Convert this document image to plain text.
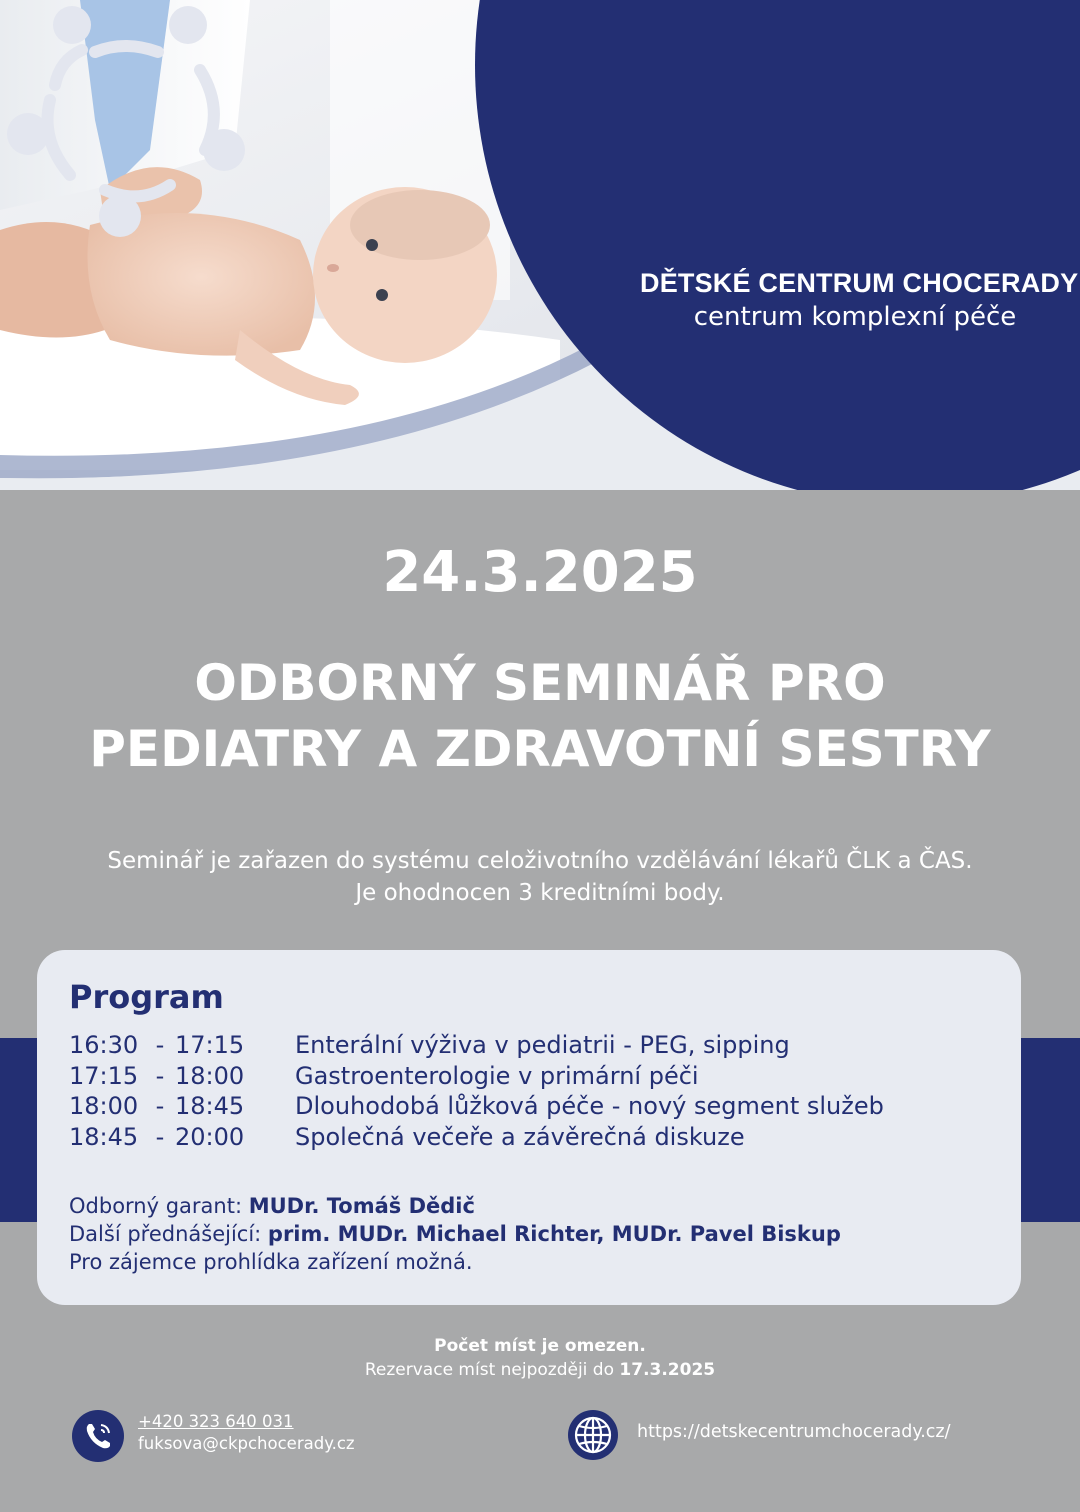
DĚTSKÉ CENTRUM CHOCERADY
centrum komplexní péče
24.3.2025
ODBORNÝ SEMINÁŘ PRO
PEDIATRY A ZDRAVOTNÍ SESTRY
Seminář je zařazen do systému celoživotního vzdělávání lékařů ČLK a ČAS.
Je ohodnocen 3 kreditními body.
Program
16:30 - 17:15	Enterální výživa v pediatrii - PEG, sipping
17:15 - 18:00	Gastroenterologie v primární péči
18:00 - 18:45	Dlouhodobá lůžková péče - nový segment služeb
18:45 - 20:00	Společná večeře a závěrečná diskuze
Odborný garant: MUDr. Tomáš Dědič
Další přednášející: prim. MUDr. Michael Richter, MUDr. Pavel Biskup
Pro zájemce prohlídka zařízení možná.
Počet míst je omezen.
Rezervace míst nejpozději do 17.3.2025
+420 323 640 031
fuksova@ckpchocerady.cz
https://detskecentrumchocerady.cz/
